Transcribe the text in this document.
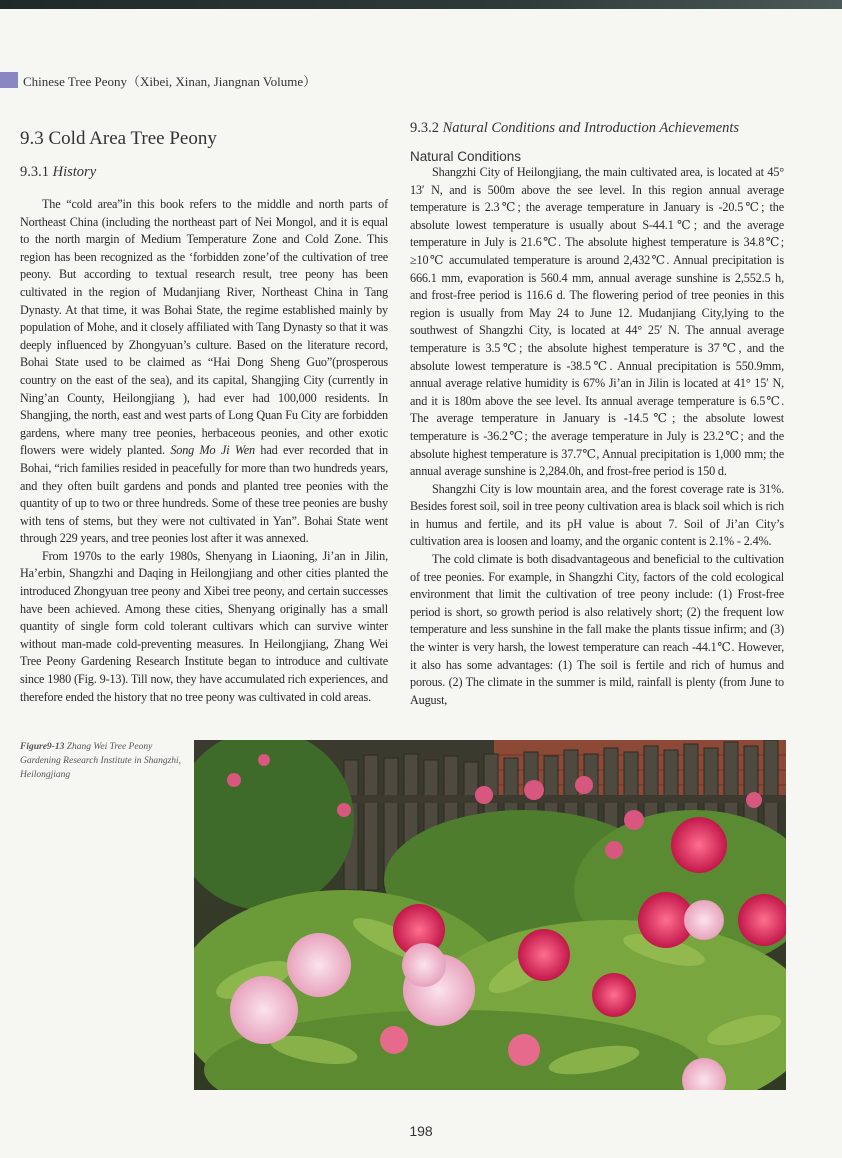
Chinese Tree Peony（Xibei, Xinan, Jiangnan Volume）
9.3 Cold Area Tree Peony
9.3.1 History

The “cold area”in this book refers to the middle and north parts of Northeast China (including the northeast part of Nei Mongol, and it is equal to the north margin of Medium Temperature Zone and Cold Zone. This region has been recognized as the ‘forbidden zone’of the cultivation of tree peony. But according to textual research result, tree peony has been cultivated in the region of Mudanjiang River, Northeast China in Tang Dynasty. At that time, it was Bohai State, the regime established mainly by population of Mohe, and it closely affiliated with Tang Dynasty so that it was deeply influenced by Zhongyuan’s culture. Based on the literature record, Bohai State used to be claimed as “Hai Dong Sheng Guo”(prosperous country on the east of the sea), and its capital, Shangjing City (currently in Ning’an County, Heilongjiang ), had ever had 100,000 residents. In Shangjing, the north, east and west parts of Long Quan Fu City are forbidden gardens, where many tree peonies, herbaceous peonies, and other exotic flowers were widely planted. Song Mo Ji Wen had ever recorded that in Bohai, “rich families resided in peacefully for more than two hundreds years, and they often built gardens and ponds and planted tree peonies with the quantity of up to two or three hundreds. Some of these tree peonies are bushy with tens of stems, but they were not cultivated in Yan”. Bohai State went through 229 years, and tree peonies lost after it was annexed.

From 1970s to the early 1980s, Shenyang in Liaoning, Ji’an in Jilin, Ha’erbin, Shangzhi and Daqing in Heilongjiang and other cities planted the introduced Zhongyuan tree peony and Xibei tree peony, and certain successes have been achieved. Among these cities, Shenyang originally has a small quantity of single form cold tolerant cultivars which can survive winter without man-made cold-preventing measures. In Heilongjiang, Zhang Wei Tree Peony Gardening Research Institute began to introduce and cultivate since 1980 (Fig. 9-13). Till now, they have accumulated rich experiences, and therefore ended the history that no tree peony was cultivated in cold areas.

9.3.2 Natural Conditions and Introduction Achievements
Natural Conditions

Shangzhi City of Heilongjiang, the main cultivated area, is located at 45° 13′ N, and is 500m above the see level. In this region annual average temperature is 2.3℃; the average temperature in January is -20.5℃; the absolute lowest temperature is usually about S-44.1℃; and the average temperature in July is 21.6℃. The absolute highest temperature is 34.8℃; ≥10℃ accumulated temperature is around 2,432℃. Annual precipitation is 666.1 mm, evaporation is 560.4 mm, annual average sunshine is 2,552.5 h, and frost-free period is 116.6 d. The flowering period of tree peonies in this region is usually from May 24 to June 12. Mudanjiang City,lying to the southwest of Shangzhi City, is located at 44° 25′ N. The annual average temperature is 3.5℃; the absolute highest temperature is 37℃, and the absolute lowest temperature is -38.5℃. Annual precipitation is 550.9mm, annual average relative humidity is 67% Ji’an in Jilin is located at 41° 15′ N, and it is 180m above the see level. Its annual average temperature is 6.5℃. The average temperature in January is -14.5℃; the absolute lowest temperature is -36.2℃; the average temperature in July is 23.2℃; and the absolute highest temperature is 37.7℃, Annual precipitation is 1,000 mm; the annual average sunshine is 2,284.0h, and frost-free period is 150 d.

Shangzhi City is low mountain area, and the forest coverage rate is 31%. Besides forest soil, soil in tree peony cultivation area is black soil which is rich in humus and fertile, and its pH value is about 7. Soil of Ji’an City’s cultivation area is loosen and loamy, and the organic content is 2.1% - 2.4%.

The cold climate is both disadvantageous and beneficial to the cultivation of tree peonies. For example, in Shangzhi City, factors of the cold ecological environment that limit the cultivation of tree peony include: (1) Frost-free period is short, so growth period is also relatively short; (2) the frequent low temperature and less sunshine in the fall make the plants tissue infirm; and (3) the winter is very harsh, the lowest temperature can reach -44.1℃. However, it also has some advantages: (1) The soil is fertile and rich of humus and porous. (2) The climate in the summer is mild, rainfall is plenty (from June to August,

Figure9-13 Zhang Wei Tree Peony Gardening Research Institute in Shangzhi, Heilongjiang
198
